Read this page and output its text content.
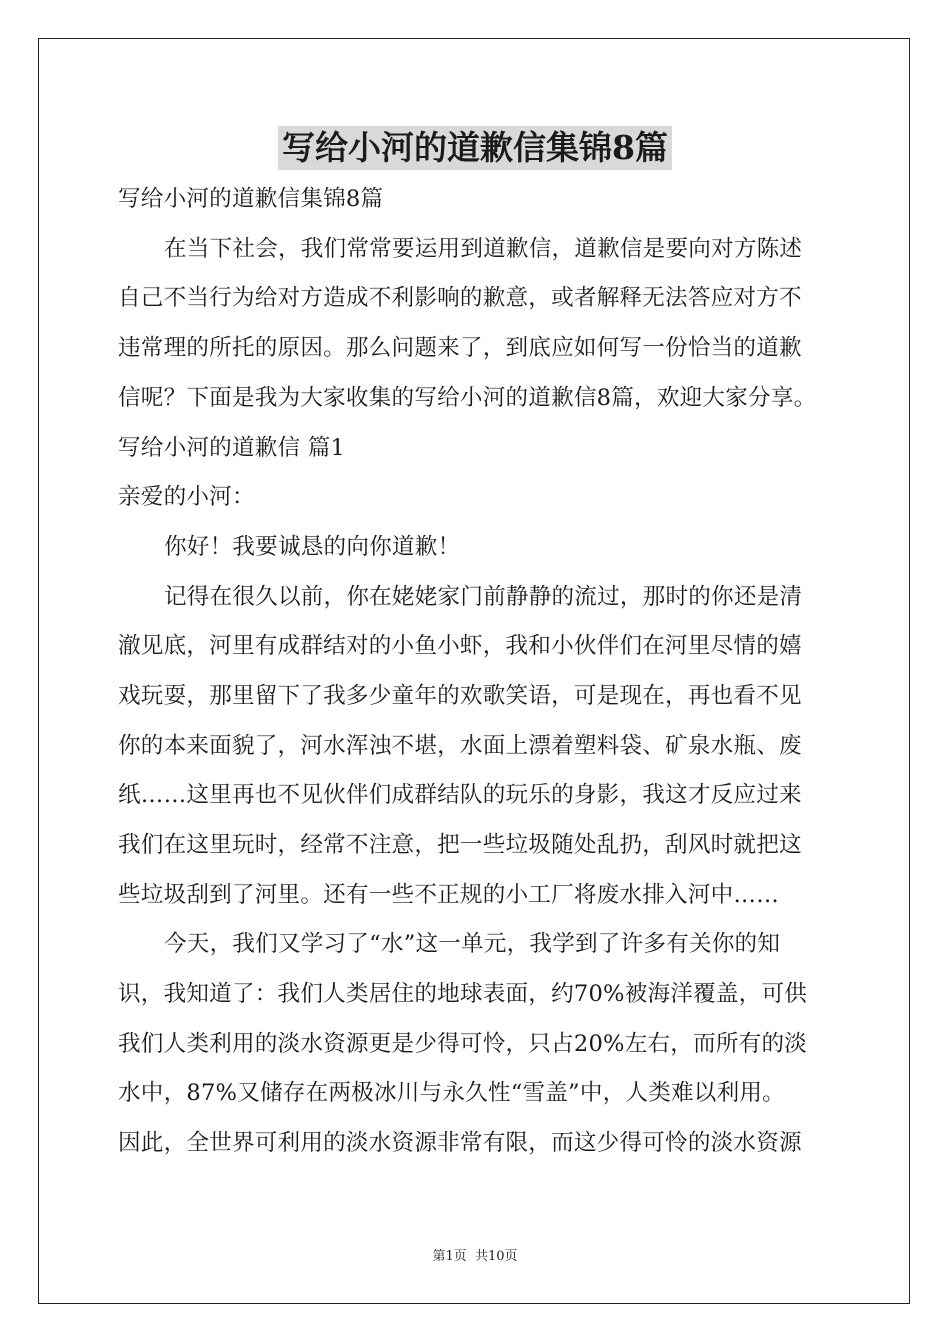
写给小河的道歉信集锦8篇
写给小河的道歉信集锦8篇
在当下社会，我们常常要运用到道歉信，道歉信是要向对方陈述
自己不当行为给对方造成不利影响的歉意，或者解释无法答应对方不
违常理的所托的原因。那么问题来了，到底应如何写一份恰当的道歉
信呢？下面是我为大家收集的写给小河的道歉信8篇，欢迎大家分享。
写给小河的道歉信 篇1
亲爱的小河：
你好！我要诚恳的向你道歉！
记得在很久以前，你在姥姥家门前静静的流过，那时的你还是清
澈见底，河里有成群结对的小鱼小虾，我和小伙伴们在河里尽情的嬉
戏玩耍，那里留下了我多少童年的欢歌笑语，可是现在，再也看不见
你的本来面貌了，河水浑浊不堪，水面上漂着塑料袋、矿泉水瓶、废
纸……这里再也不见伙伴们成群结队的玩乐的身影，我这才反应过来
我们在这里玩时，经常不注意，把一些垃圾随处乱扔，刮风时就把这
些垃圾刮到了河里。还有一些不正规的小工厂将废水排入河中……
今天，我们又学习了“水”这一单元，我学到了许多有关你的知
识，我知道了：我们人类居住的地球表面，约70%被海洋覆盖，可供
我们人类利用的淡水资源更是少得可怜，只占20%左右，而所有的淡
水中，87%又储存在两极冰川与永久性“雪盖”中，人类难以利用。
因此，全世界可利用的淡水资源非常有限，而这少得可怜的淡水资源
第1页 共10页
